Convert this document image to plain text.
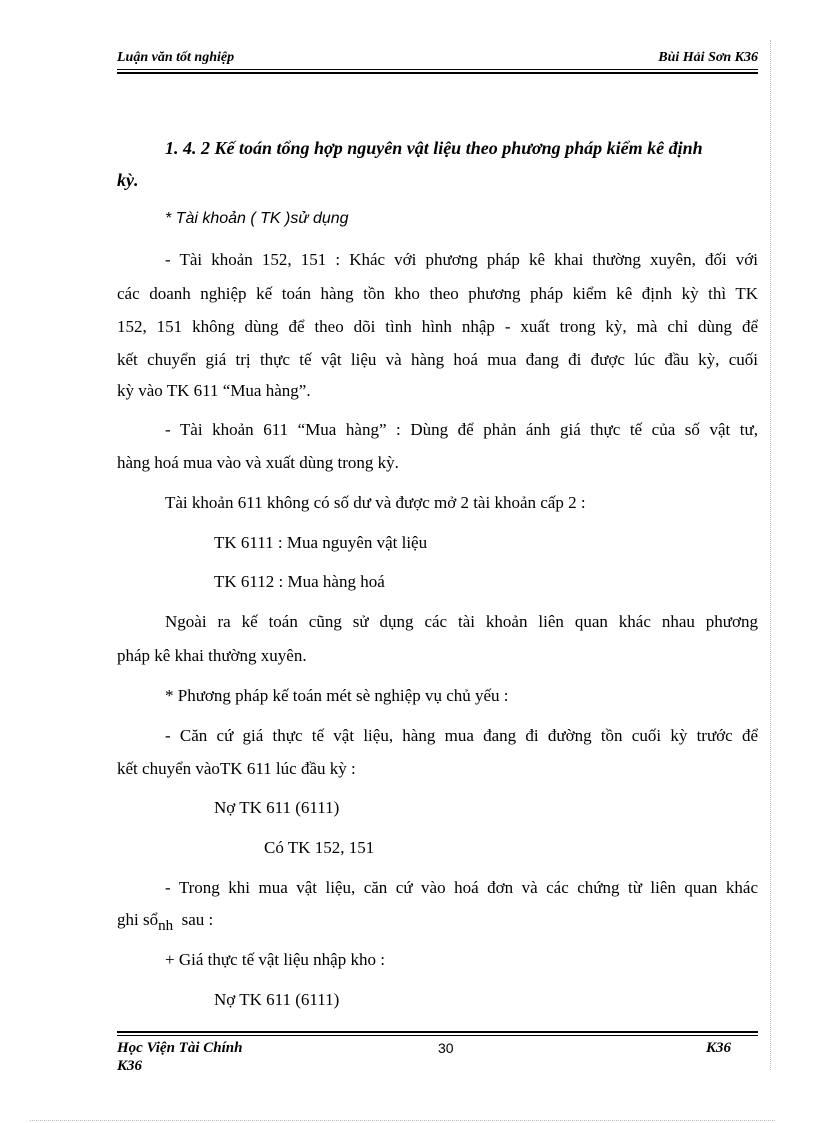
Luận văn tốt nghiệp	Bùi Hải Sơn K36
1. 4. 2 Kế toán tổng hợp nguyên vật liệu theo phương pháp kiểm kê định
kỳ.
* Tài khoản ( TK )sử dụng
- Tài khoản 152, 151 : Khác với phương pháp kê khai thường xuyên, đối với
các doanh nghiệp kế toán hàng tồn kho theo phương pháp kiểm kê định kỳ thì TK
152, 151 không dùng để theo dõi tình hình nhập - xuất trong kỳ, mà chỉ dùng để
kết chuyển giá trị thực tế vật liệu và hàng hoá mua đang đi được lúc đầu kỳ, cuối
kỳ vào TK 611 “Mua hàng”.
- Tài khoản 611 “Mua hàng” : Dùng để phản ánh giá thực tế của số vật tư,
hàng hoá mua vào và xuất dùng trong kỳ.
Tài khoản 611 không có số dư và được mở 2 tài khoản cấp 2 :
TK 6111 : Mua nguyên vật liệu
TK 6112 : Mua hàng hoá
Ngoài ra kế toán cũng sử dụng các tài khoản liên quan khác nhau phương
pháp kê khai thường xuyên.
* Phương pháp kế toán mét sè nghiệp vụ chủ yếu :
- Căn cứ giá thực tế vật liệu, hàng mua đang đi đường tồn cuối kỳ trước để
kết chuyển vàoTK 611 lúc đầu kỳ :
Nợ TK 611 (6111)
Có TK 152, 151
- Trong khi mua vật liệu, căn cứ vào hoá đơn và các chứng từ liên quan khác
ghi sổnh sau :
+ Giá thực tế vật liệu nhập kho :
Nợ TK 611 (6111)
Học Viện Tài Chính
K36
30	K36
